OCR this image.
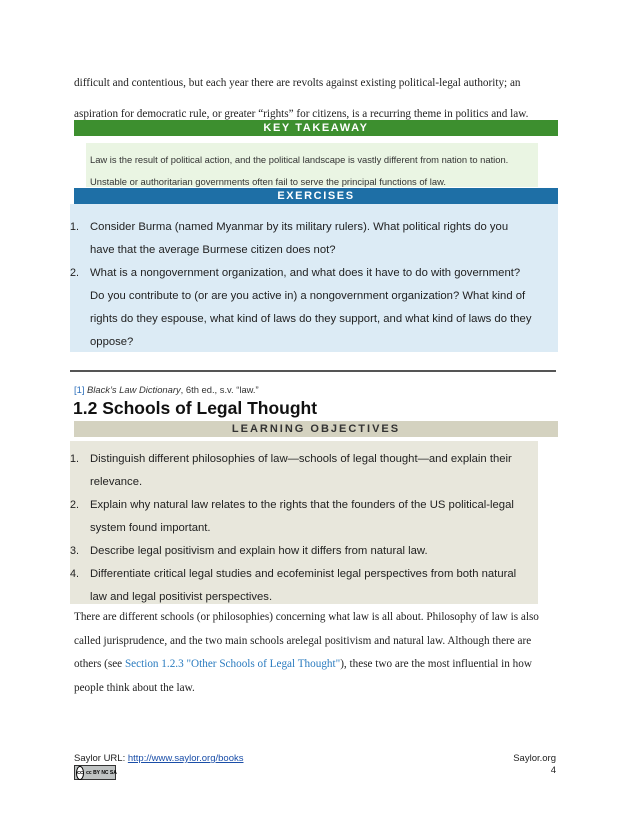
difficult and contentious, but each year there are revolts against existing political-legal authority; an
aspiration for democratic rule, or greater “rights” for citizens, is a recurring theme in politics and law.
KEY TAKEAWAY
Law is the result of political action, and the political landscape is vastly different from nation to nation.
Unstable or authoritarian governments often fail to serve the principal functions of law.
EXERCISES
1. Consider Burma (named Myanmar by its military rulers). What political rights do you
have that the average Burmese citizen does not?
2. What is a nongovernment organization, and what does it have to do with government?
Do you contribute to (or are you active in) a nongovernment organization? What kind of
rights do they espouse, what kind of laws do they support, and what kind of laws do they
oppose?
[1] Black’s Law Dictionary, 6th ed., s.v. “law.”
1.2 Schools of Legal Thought
LEARNING OBJECTIVES
1. Distinguish different philosophies of law—schools of legal thought—and explain their
relevance.
2. Explain why natural law relates to the rights that the founders of the US political-legal
system found important.
3. Describe legal positivism and explain how it differs from natural law.
4. Differentiate critical legal studies and ecofeminist legal perspectives from both natural
law and legal positivist perspectives.
There are different schools (or philosophies) concerning what law is all about. Philosophy of law is also
called jurisprudence, and the two main schools arelegal positivism and natural law. Although there are
others (see Section 1.2.3 "Other Schools of Legal Thought"), these two are the most influential in how
people think about the law.
Saylor URL: http://www.saylor.org/books
cc cc BY NC SA
Saylor.org
4
